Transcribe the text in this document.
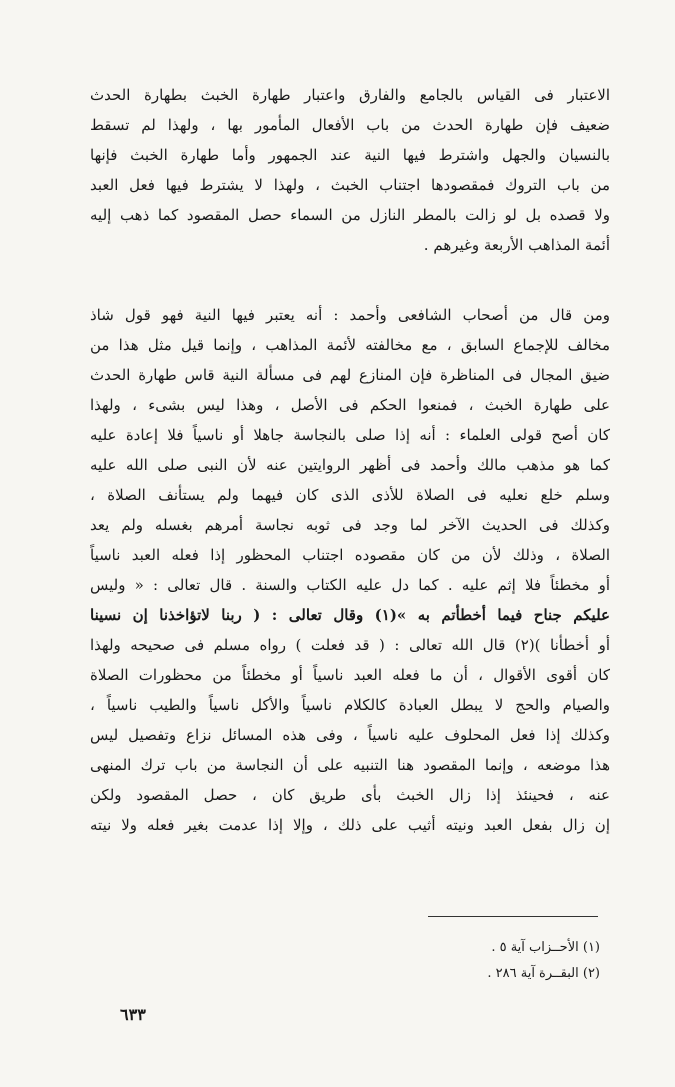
الاعتبار فى القياس بالجامع والفارق واعتبار طهارة الخبث بطهارة الحدث
ضعيف فإن طهارة الحدث من باب الأفعال المأمور بها ، ولهذا لم تسقط
بالنسيان والجهل واشترط فيها النية عند الجمهور وأما طهارة الخبث فإنها
من باب التروك فمقصودها اجتناب الخبث ، ولهذا لا يشترط فيها فعل العبد
ولا قصده بل لو زالت بالمطر النازل من السماء حصل المقصود كما ذهب إليه
أئمة المذاهب الأربعة وغيرهم .
ومن قال من أصحاب الشافعى وأحمد : أنه يعتبر فيها النية فهو قول شاذ
مخالف للإجماع السابق ، مع مخالفته لأئمة المذاهب ، وإنما قيل مثل هذا من
ضيق المجال فى المناظرة فإن المنازع لهم فى مسألة النية قاس طهارة الحدث
على طهارة الخبث ، فمنعوا الحكم فى الأصل ، وهذا ليس بشىء ، ولهذا
كان أصح قولى العلماء : أنه إذا صلى بالنجاسة جاهلا أو ناسياً فلا إعادة عليه
كما هو مذهب مالك وأحمد فى أظهر الروايتين عنه لأن النبى صلى الله عليه
وسلم خلع نعليه فى الصلاة للأذى الذى كان فيهما ولم يستأنف الصلاة ،
وكذلك فى الحديث الآخر لما وجد فى ثوبه نجاسة أمرهم بغسله ولم يعد
الصلاة ، وذلك لأن من كان مقصوده اجتناب المحظور إذا فعله العبد ناسياً
أو مخطئاً فلا إثم عليه . كما دل عليه الكتاب والسنة . قال تعالى : « وليس
عليكم جناح فيما أخطأتم به »(١) وقال تعالى : ( ربنا لاتؤاخذنا إن نسينا
أو أخطأنا )(٢) قال الله تعالى : ( قد فعلت ) رواه مسلم فى صحيحه ولهذا
كان أقوى الأقوال ، أن ما فعله العبد ناسياً أو مخطئاً من محظورات الصلاة
والصيام والحج لا يبطل العبادة كالكلام ناسياً والأكل ناسياً والطيب ناسياً ،
وكذلك إذا فعل المحلوف عليه ناسياً ، وفى هذه المسائل نزاع وتفصيل ليس
هذا موضعه ، وإنما المقصود هنا التنبيه على أن النجاسة من باب ترك المنهى
عنه ، فحينئذ إذا زال الخبث بأى طريق كان ، حصل المقصود ولكن
إن زال بفعل العبد ونيته أثيب على ذلك ، وإلا إذا عدمت بغير فعله ولا نيته
(١) الأحــزاب آية ٥ .
(٢) البقــرة آية ٢٨٦ .
٦٣٣
